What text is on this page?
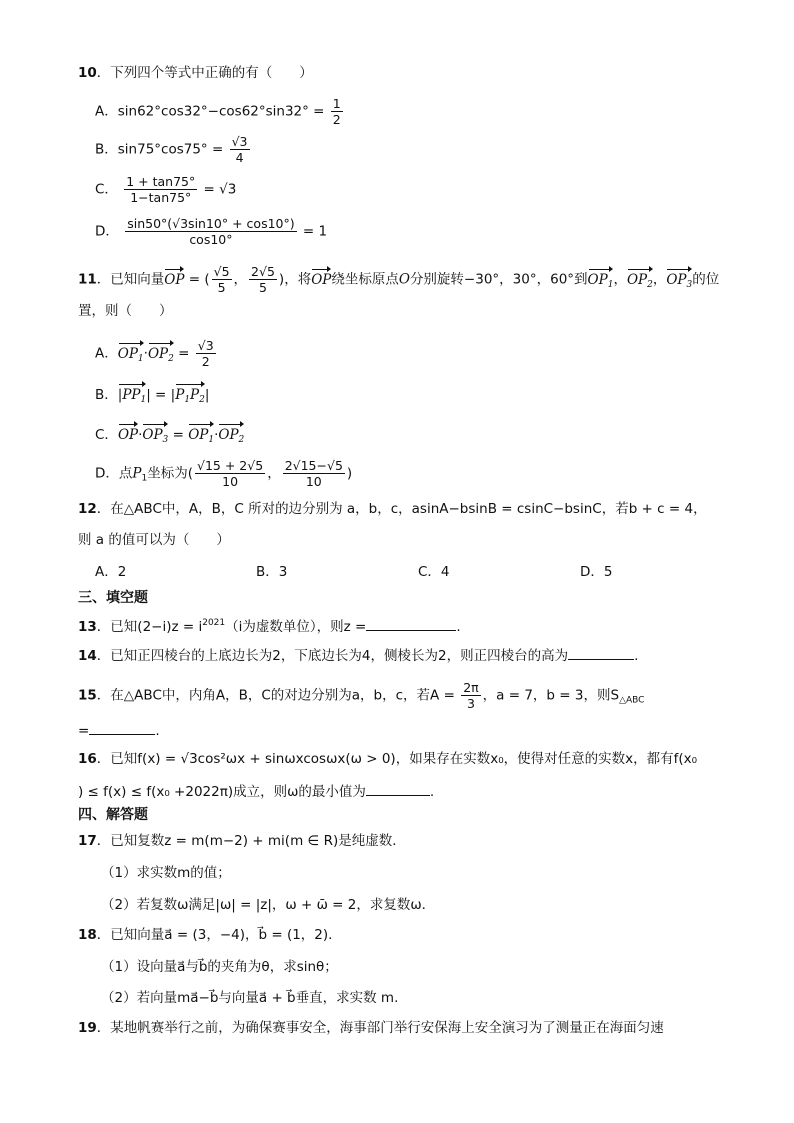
10．下列四个等式中正确的有（　　）
A．$\sin 62^\circ\cos 32^\circ-\cos 62^\circ\sin 32^\circ = \frac{1}{2}$
B．$\sin 75^\circ\cos 75^\circ = \frac{√3}{4}$
C． $\frac{1 + \tan 75^\circ}{1-\tan 75^\circ} = √3$
D． $\frac{\sin 50^\circ(√3\sin 10^\circ + \cos 10^\circ)}{\cos 10^\circ} = 1$
11．已知向量OP = ( $\frac{√5}{5}$ ， $\frac{2√5}{5}$ )，将OP绕坐标原点O分别旋转−30°，30°，60°到$OP_1$，$OP_2$，$OP_3$的位
置，则（　　）
A．$OP_1\cdot OP_2 = \frac{√3}{2}$
B．$|PP_1| = |P_1P_2|$
C．$OP\cdot OP_3 = OP_1\cdot OP_2$
D．点$P_1$坐标为( $\frac{√15 + 2√5}{10}$ ， $\frac{2√15-√5}{10}$ )
12．在△ABC中，A，B，C 所对的边分别为 a，b，c，asinA−bsinB = csinC−bsinC，若b + c = 4，
则 a 的值可以为（　　）
A．2	B．3	C．4	D．5
三、填空题
13．已知$(2-i)z = i^{2021}(i$为虚数单位），则z =	.
14．已知正四棱台的上底边长为2，下底边长为4，侧棱长为2，则正四棱台的高为	.
15．在△ABC中，内角A，B，C的对边分别为a，b，c，若$A = \frac{2\pi}{3}$ ，a = 7，b = 3，则$S_{\triangle ABC}$
=	.
16．已知f(x) = √3cos²ωx + sinωxcosωx(ω > 0)，如果存在实数x₀，使得对任意的实数x，都有f(x₀
) ≤ f(x) ≤ f(x₀ +2022π)成立，则ω的最小值为	.
四、解答题
17．已知复数z = m(m−2) + mi(m ∈ R)是纯虚数．
（1）求实数m的值；
（2）若复数ω满足|ω| = |z|，ω + ω̄ = 2，求复数ω．
18．已知向量a⃗ = (3，−4)，b⃗ = (1，2).
（1）设向量a⃗与b⃗的夹角为θ，求sinθ；
（2）若向量ma⃗−b⃗与向量a⃗ + b⃗垂直，求实数 m.
19．某地帆赛举行之前，为确保赛事安全，海事部门举行安保海上安全演习为了测量正在海面匀速
